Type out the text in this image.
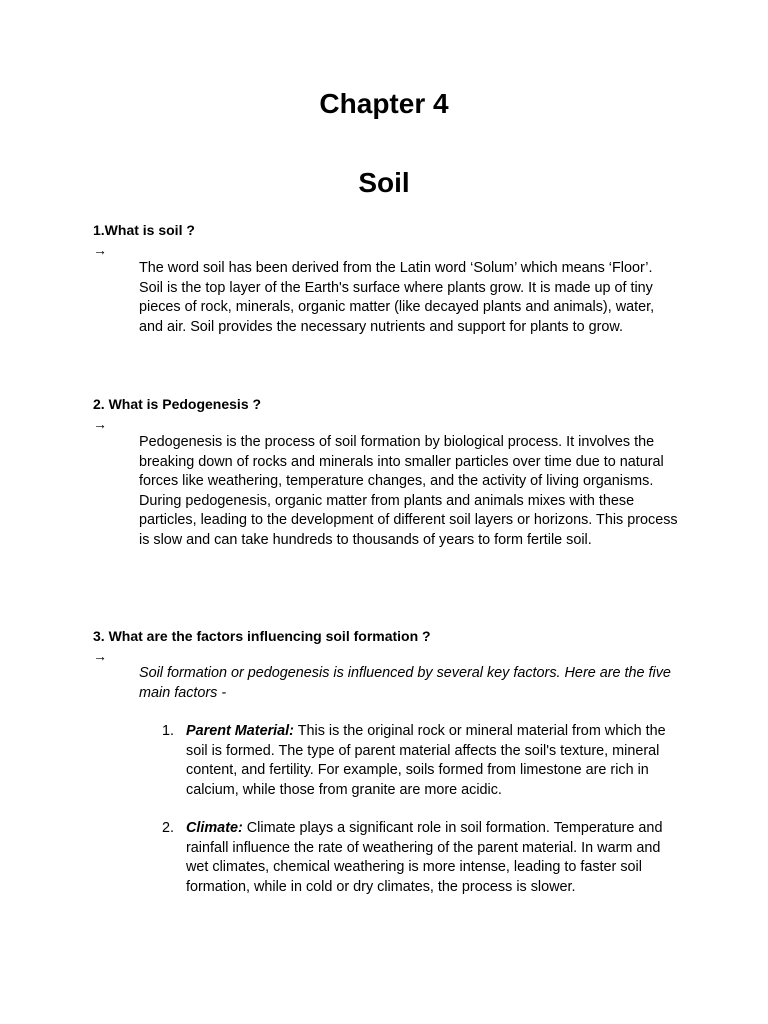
Chapter 4
Soil

1.What is soil ?

→

The word soil has been derived from the Latin word ‘Solum’ which means ‘Floor’. Soil is the top layer of the Earth's surface where plants grow. It is made up of tiny pieces of rock, minerals, organic matter (like decayed plants and animals), water, and air. Soil provides the necessary nutrients and support for plants to grow.

2. What is Pedogenesis ?

→

Pedogenesis is the process of soil formation by biological process. It involves the breaking down of rocks and minerals into smaller particles over time due to natural forces like weathering, temperature changes, and the activity of living organisms. During pedogenesis, organic matter from plants and animals mixes with these particles, leading to the development of different soil layers or horizons. This process is slow and can take hundreds to thousands of years to form fertile soil.

3. What are the factors influencing soil formation ?

→

Soil formation or pedogenesis is influenced by several key factors. Here are the five main factors -

1. Parent Material: This is the original rock or mineral material from which the soil is formed. The type of parent material affects the soil's texture, mineral content, and fertility. For example, soils formed from limestone are rich in calcium, while those from granite are more acidic.
2. Climate: Climate plays a significant role in soil formation. Temperature and rainfall influence the rate of weathering of the parent material. In warm and wet climates, chemical weathering is more intense, leading to faster soil formation, while in cold or dry climates, the process is slower.
